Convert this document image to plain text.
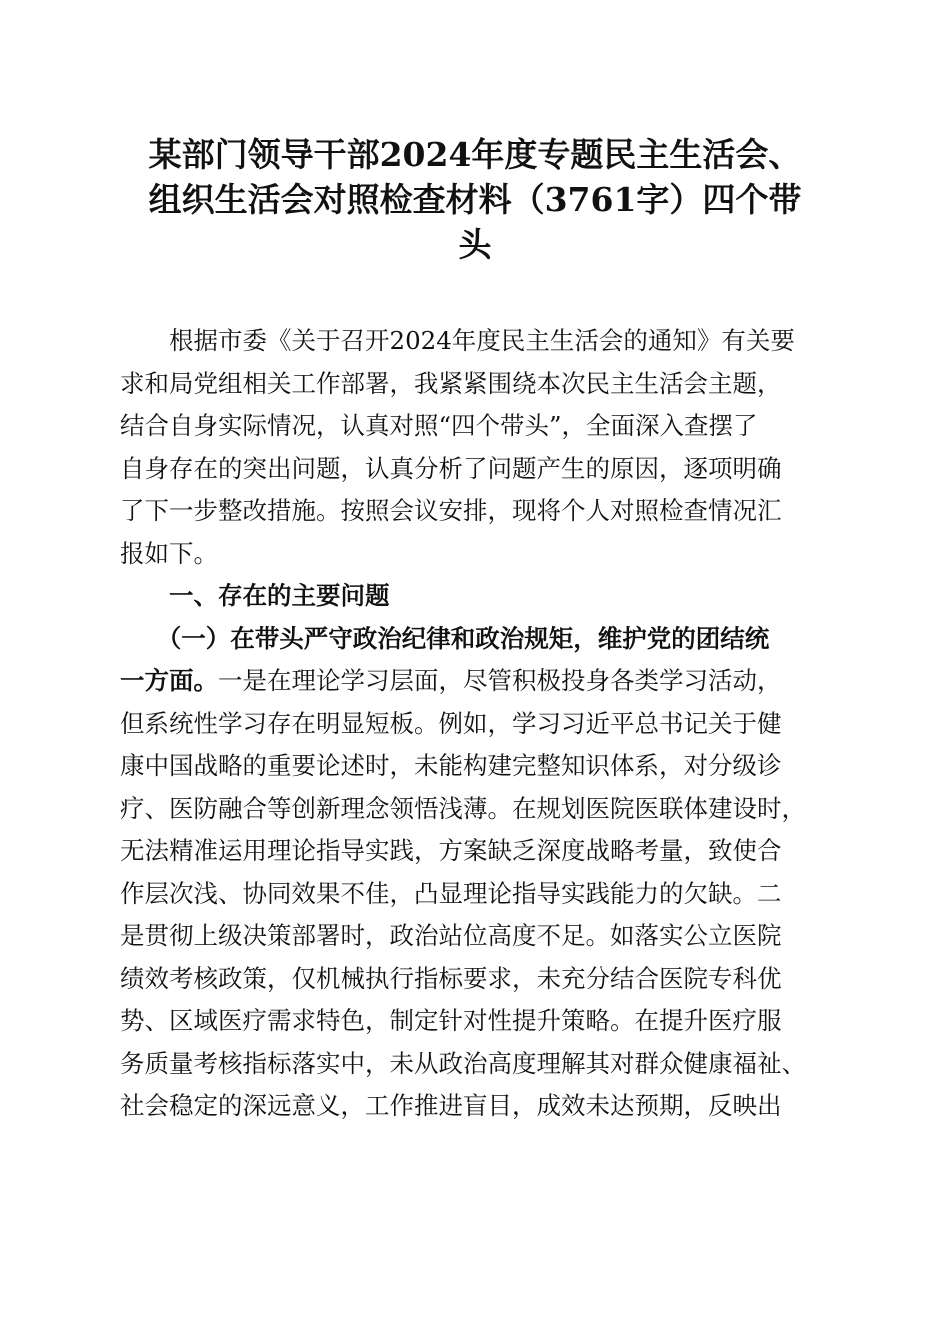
某部门领导干部2024年度专题民主生活会、
组织生活会对照检查材料（3761字）四个带
头
　　根据市委《关于召开2024年度民主生活会的通知》有关要
求和局党组相关工作部署，我紧紧围绕本次民主生活会主题，
结合自身实际情况，认真对照“四个带头”，全面深入查摆了
自身存在的突出问题，认真分析了问题产生的原因，逐项明确
了下一步整改措施。按照会议安排，现将个人对照检查情况汇
报如下。
　　一、存在的主要问题
　　（一）在带头严守政治纪律和政治规矩，维护党的团结统
一方面。一是在理论学习层面，尽管积极投身各类学习活动，
但系统性学习存在明显短板。例如，学习习近平总书记关于健
康中国战略的重要论述时，未能构建完整知识体系，对分级诊
疗、医防融合等创新理念领悟浅薄。在规划医院医联体建设时，
无法精准运用理论指导实践，方案缺乏深度战略考量，致使合
作层次浅、协同效果不佳，凸显理论指导实践能力的欠缺。二
是贯彻上级决策部署时，政治站位高度不足。如落实公立医院
绩效考核政策，仅机械执行指标要求，未充分结合医院专科优
势、区域医疗需求特色，制定针对性提升策略。在提升医疗服
务质量考核指标落实中，未从政治高度理解其对群众健康福祉、
社会稳定的深远意义，工作推进盲目，成效未达预期，反映出
